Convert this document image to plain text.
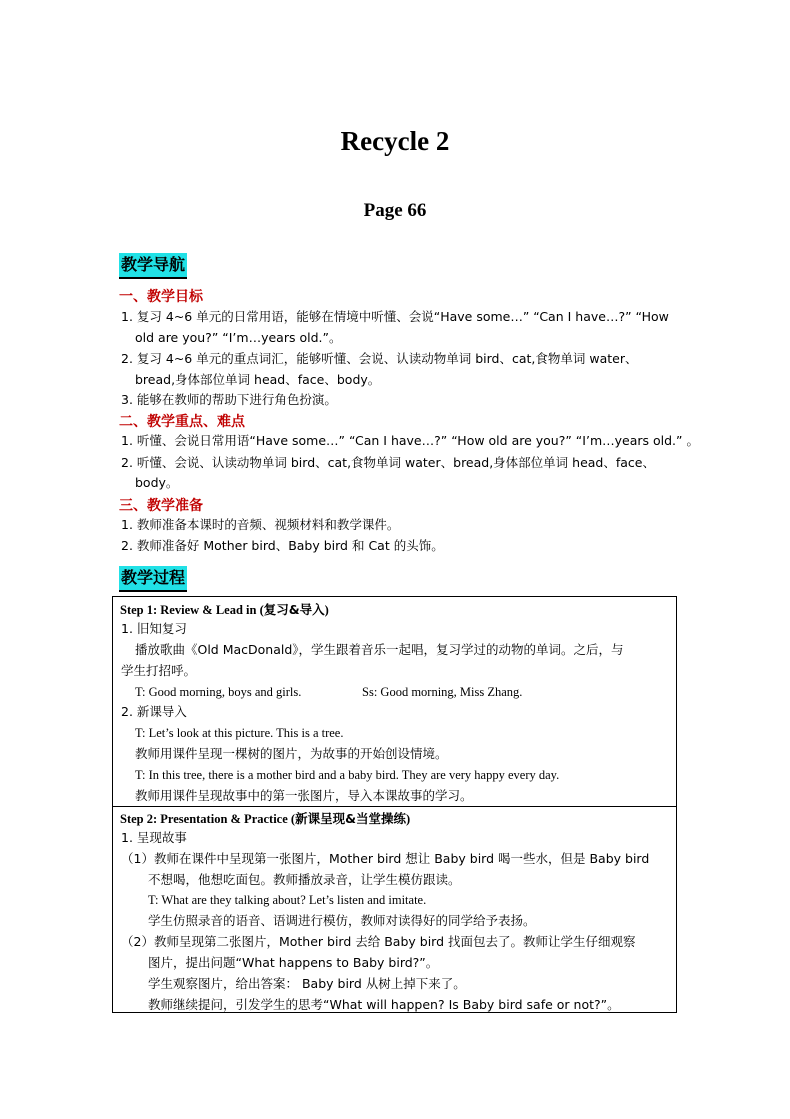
Recycle 2
Page 66
教学导航
一、教学目标
1. 复习 4~6 单元的日常用语，能够在情境中听懂、会说“Have some…” “Can I have…?” “How
old are you?” “I’m…years old.”。
2. 复习 4~6 单元的重点词汇，能够听懂、会说、认读动物单词 bird、cat,食物单词 water、
bread,身体部位单词 head、face、body。
3. 能够在教师的帮助下进行角色扮演。
二、教学重点、难点
1. 听懂、会说日常用语“Have some…” “Can I have…?” “How old are you?” “I’m…years old.” 。
2. 听懂、会说、认读动物单词 bird、cat,食物单词 water、bread,身体部位单词 head、face、
body。
三、教学准备
1. 教师准备本课时的音频、视频材料和教学课件。
2. 教师准备好 Mother bird、Baby bird 和 Cat 的头饰。
教学过程
Step 1: Review & Lead in (复习&导入)
1. 旧知复习
播放歌曲《Old MacDonald》，学生跟着音乐一起唱，复习学过的动物的单词。之后，与
学生打招呼。
T: Good morning, boys and girls.	Ss: Good morning, Miss Zhang.
2. 新课导入
T: Let’s look at this picture. This is a tree.
教师用课件呈现一棵树的图片，为故事的开始创设情境。
T: In this tree, there is a mother bird and a baby bird. They are very happy every day.
教师用课件呈现故事中的第一张图片，导入本课故事的学习。
Step 2: Presentation & Practice (新课呈现&当堂操练)
1. 呈现故事
（1）教师在课件中呈现第一张图片，Mother bird 想让 Baby bird 喝一些水，但是 Baby bird
不想喝，他想吃面包。教师播放录音，让学生模仿跟读。
T: What are they talking about? Let’s listen and imitate.
学生仿照录音的语音、语调进行模仿，教师对读得好的同学给予表扬。
（2）教师呈现第二张图片，Mother bird 去给 Baby bird 找面包去了。教师让学生仔细观察
图片，提出问题“What happens to Baby bird?”。
学生观察图片，给出答案： Baby bird 从树上掉下来了。
教师继续提问，引发学生的思考“What will happen? Is Baby bird safe or not?”。
